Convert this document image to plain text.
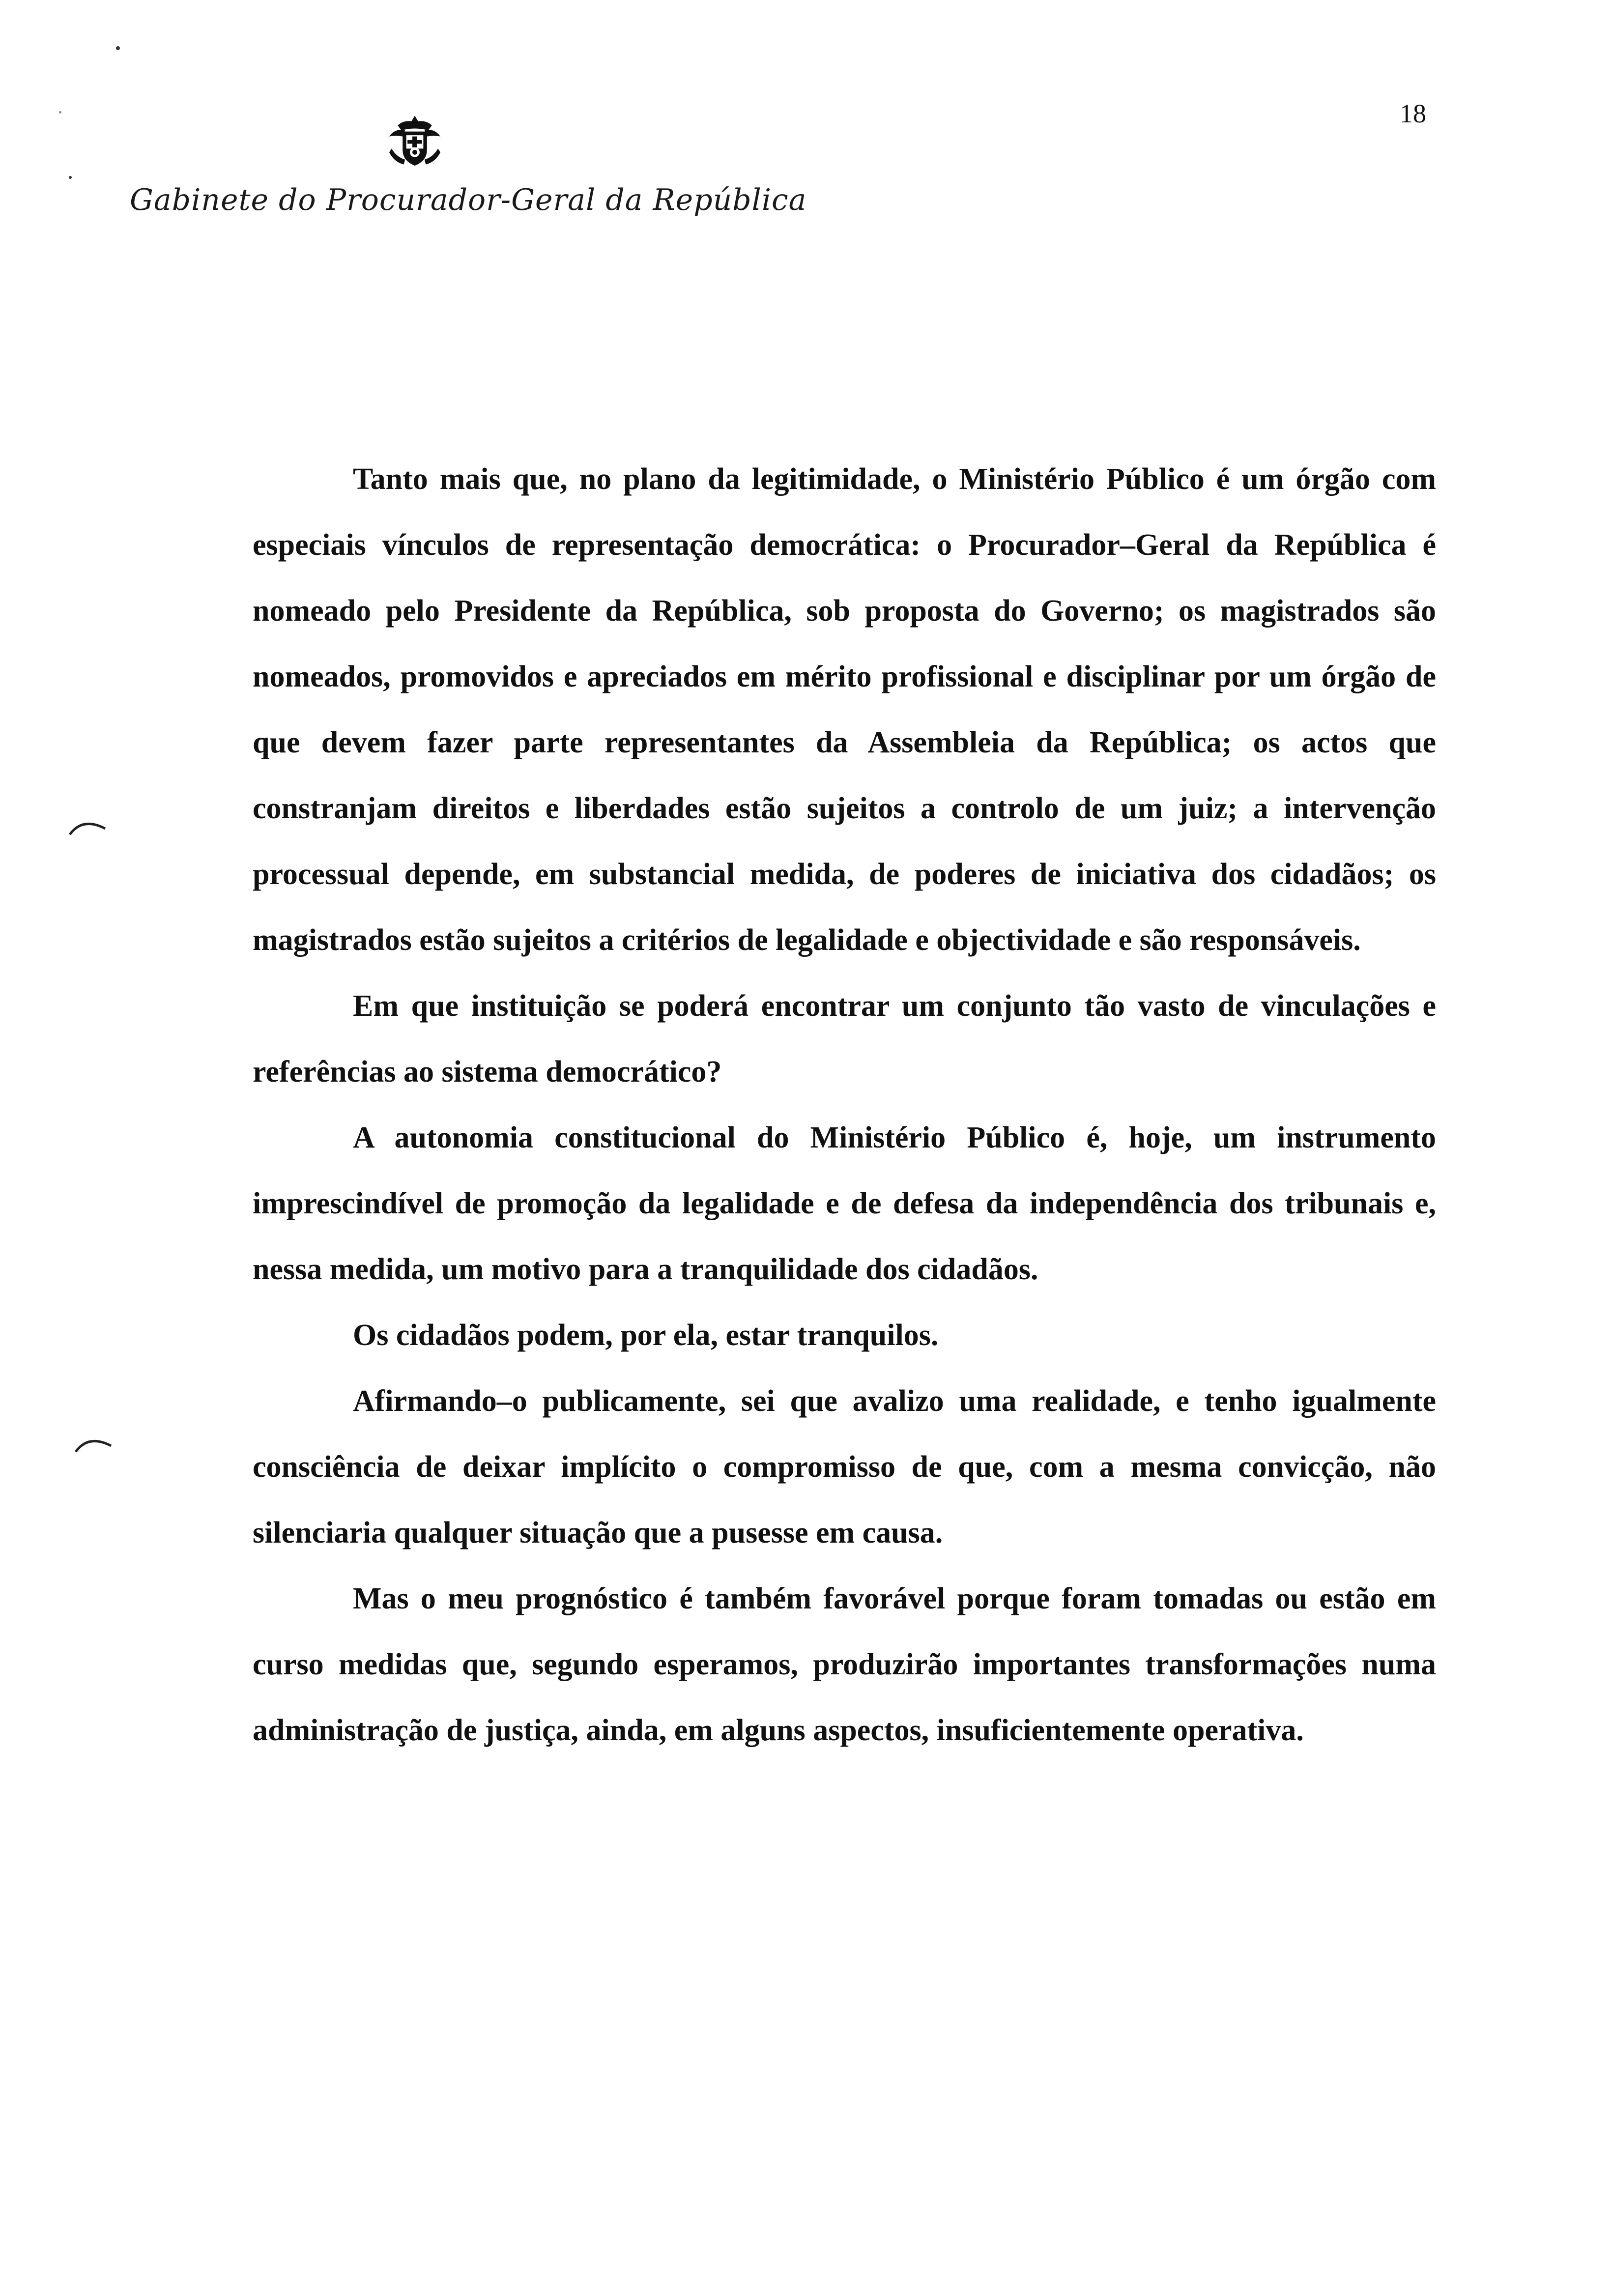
18
Gabinete do Procurador-Geral da República

Tanto mais que, no plano da legitimidade, o Ministério Público é um órgão com especiais vínculos de representação democrática: o Procurador–Geral da República é nomeado pelo Presidente da República, sob proposta do Governo; os magistrados são nomeados, promovidos e apreciados em mérito profissional e disciplinar por um órgão de que devem fazer parte representantes da Assembleia da República; os actos que constranjam direitos e liberdades estão sujeitos a controlo de um juiz; a intervenção processual depende, em substancial medida, de poderes de iniciativa dos cidadãos; os magistrados estão sujeitos a critérios de legalidade e objectividade e são responsáveis.

Em que instituição se poderá encontrar um conjunto tão vasto de vinculações e referências ao sistema democrático?

A autonomia constitucional do Ministério Público é, hoje, um instrumento imprescindível de promoção da legalidade e de defesa da independência dos tribunais e, nessa medida, um motivo para a tranquilidade dos cidadãos.

Os cidadãos podem, por ela, estar tranquilos.

Afirmando–o publicamente, sei que avalizo uma realidade, e tenho igualmente consciência de deixar implícito o compromisso de que, com a mesma convicção, não silenciaria qualquer situação que a pusesse em causa.

Mas o meu prognóstico é também favorável porque foram tomadas ou estão em curso medidas que, segundo esperamos, produzirão importantes transformações numa administração de justiça, ainda, em alguns aspectos, insuficientemente operativa.
